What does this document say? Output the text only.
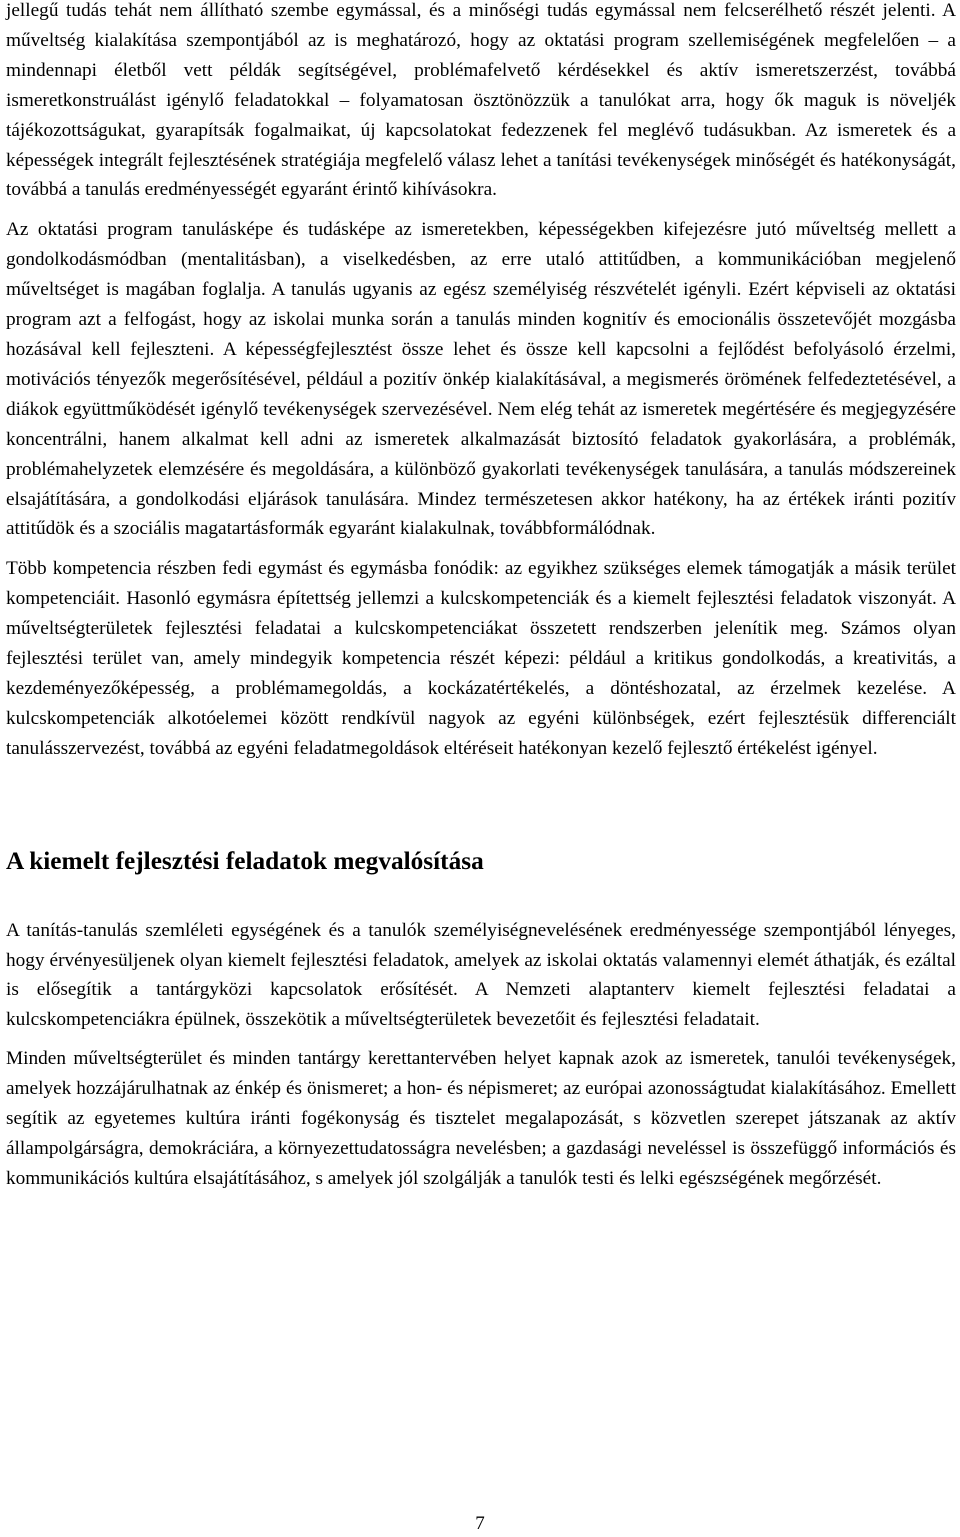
jellegű tudás tehát nem állítható szembe egymással, és a minőségi tudás egymással nem felcserélhető részét jelenti. A műveltség kialakítása szempontjából az is meghatározó, hogy az oktatási program szellemiségének megfelelően – a mindennapi életből vett példák segítségével, problémafelvető kérdésekkel és aktív ismeretszerzést, továbbá ismeretkonstruálást igénylő feladatokkal – folyamatosan ösztönözzük a tanulókat arra, hogy ők maguk is növeljék tájékozottságukat, gyarapítsák fogalmaikat, új kapcsolatokat fedezzenek fel meglévő tudásukban. Az ismeretek és a képességek integrált fejlesztésének stratégiája megfelelő válasz lehet a tanítási tevékenységek minőségét és hatékonyságát, továbbá a tanulás eredményességét egyaránt érintő kihívásokra.

Az oktatási program tanulásképe és tudásképe az ismeretekben, képességekben kifejezésre jutó műveltség mellett a gondolkodásmódban (mentalitásban), a viselkedésben, az erre utaló attitűdben, a kommunikációban megjelenő műveltséget is magában foglalja. A tanulás ugyanis az egész személyiség részvételét igényli. Ezért képviseli az oktatási program azt a felfogást, hogy az iskolai munka során a tanulás minden kognitív és emocionális összetevőjét mozgásba hozásával kell fejleszteni. A képességfejlesztést össze lehet és össze kell kapcsolni a fejlődést befolyásoló érzelmi, motivációs tényezők megerősítésével, például a pozitív önkép kialakításával, a megismerés örömének felfedeztetésével, a diákok együttműködését igénylő tevékenységek szervezésével. Nem elég tehát az ismeretek megértésére és megjegyzésére koncentrálni, hanem alkalmat kell adni az ismeretek alkalmazását biztosító feladatok gyakorlására, a problémák, problémahelyzetek elemzésére és megoldására, a különböző gyakorlati tevékenységek tanulására, a tanulás módszereinek elsajátítására, a gondolkodási eljárások tanulására. Mindez természetesen akkor hatékony, ha az értékek iránti pozitív attitűdök és a szociális magatartásformák egyaránt kialakulnak, továbbformálódnak.

Több kompetencia részben fedi egymást és egymásba fonódik: az egyikhez szükséges elemek támogatják a másik terület kompetenciáit. Hasonló egymásra építettség jellemzi a kulcskompetenciák és a kiemelt fejlesztési feladatok viszonyát. A műveltségterületek fejlesztési feladatai a kulcskompetenciákat összetett rendszerben jelenítik meg. Számos olyan fejlesztési terület van, amely mindegyik kompetencia részét képezi: például a kritikus gondolkodás, a kreativitás, a kezdeményezőképesség, a problémamegoldás, a kockázatértékelés, a döntéshozatal, az érzelmek kezelése. A kulcskompetenciák alkotóelemei között rendkívül nagyok az egyéni különbségek, ezért fejlesztésük differenciált tanulásszervezést, továbbá az egyéni feladatmegoldások eltéréseit hatékonyan kezelő fejlesztő értékelést igényel.

A kiemelt fejlesztési feladatok megvalósítása

A tanítás-tanulás szemléleti egységének és a tanulók személyiségnevelésének eredményessége szempontjából lényeges, hogy érvényesüljenek olyan kiemelt fejlesztési feladatok, amelyek az iskolai oktatás valamennyi elemét áthatják, és ezáltal is elősegítik a tantárgyközi kapcsolatok erősítését. A Nemzeti alaptanterv kiemelt fejlesztési feladatai a kulcskompetenciákra épülnek, összekötik a műveltségterületek bevezetőit és fejlesztési feladatait.

Minden műveltségterület és minden tantárgy kerettantervében helyet kapnak azok az ismeretek, tanulói tevékenységek, amelyek hozzájárulhatnak az énkép és önismeret; a hon- és népismeret; az európai azonosságtudat kialakításához. Emellett segítik az egyetemes kultúra iránti fogékonyság és tisztelet megalapozását, s közvetlen szerepet játszanak az aktív állampolgárságra, demokráciára, a környezettudatosságra nevelésben; a gazdasági neveléssel is összefüggő információs és kommunikációs kultúra elsajátításához, s amelyek jól szolgálják a tanulók testi és lelki egészségének megőrzését.

7
